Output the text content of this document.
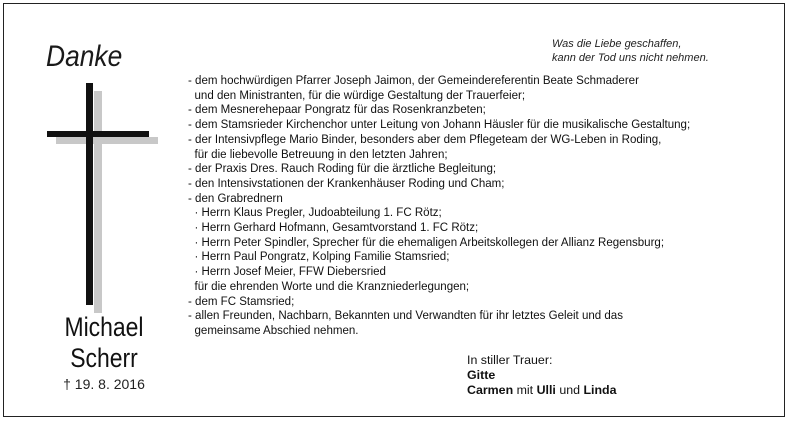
Danke	Was die Liebe geschaffen,
kann der Tod uns nicht nehmen.
Michael
Scherr
† 19. 8. 2016
- dem hochwürdigen Pfarrer Joseph Jaimon, der Gemeindereferentin Beate Schmaderer
und den Ministranten, für die würdige Gestaltung der Trauerfeier;
- dem Mesnerehepaar Pongratz für das Rosenkranzbeten;
- dem Stamsrieder Kirchenchor unter Leitung von Johann Häusler für die musikalische Gestaltung;
- der Intensivpflege Mario Binder, besonders aber dem Pflegeteam der WG-Leben in Roding,
für die liebevolle Betreuung in den letzten Jahren;
- der Praxis Dres. Rauch Roding für die ärztliche Begleitung;
- den Intensivstationen der Krankenhäuser Roding und Cham;
- den Grabrednern
· Herrn Klaus Pregler, Judoabteilung 1. FC Rötz;
· Herrn Gerhard Hofmann, Gesamtvorstand 1. FC Rötz;
· Herrn Peter Spindler, Sprecher für die ehemaligen Arbeitskollegen der Allianz Regensburg;
· Herrn Paul Pongratz, Kolping Familie Stamsried;
· Herrn Josef Meier, FFW Diebersried
für die ehrenden Worte und die Kranzniederlegungen;
- dem FC Stamsried;
- allen Freunden, Nachbarn, Bekannten und Verwandten für ihr letztes Geleit und das
gemeinsame Abschied nehmen.
In stiller Trauer:
Gitte
Carmen mit Ulli und Linda
